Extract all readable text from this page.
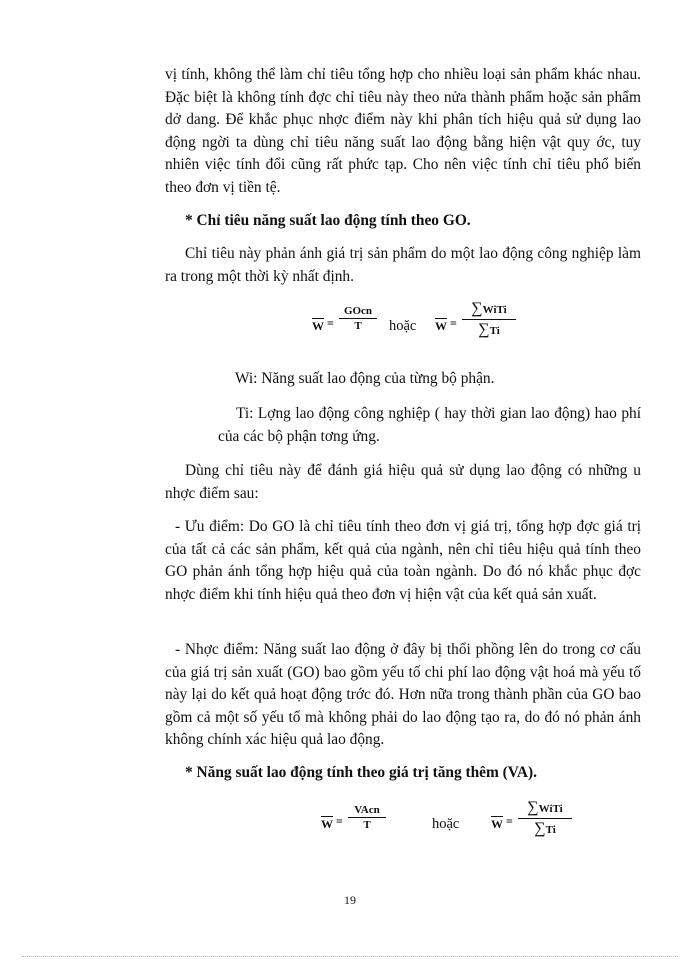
vị tính, không thể làm chỉ tiêu tổng hợp cho nhiều loại sản phẩm khác nhau. Đặc biệt là không tính đợc chỉ tiêu này theo nửa thành phẩm hoặc sản phẩm dở dang. Để khắc phục nhợc điểm này khi phân tích hiệu quả sử dụng lao động ngời ta dùng chỉ tiêu năng suất lao động bằng hiện vật quy ớc, tuy nhiên việc tính đổi cũng rất phức tạp. Cho nên việc tính chỉ tiêu phổ biến theo đơn vị tiền tệ.

* Chỉ tiêu năng suất lao động tính theo GO.

Chỉ tiêu này phản ánh giá trị sản phẩm do một lao động công nghiệp làm ra trong một thời kỳ nhất định.

W =
GOcn
T	hoặc W =
∑WiTi
∑Ti

Wi: Năng suất lao động của từng bộ phận.

Ti: Lợng lao động công nghiệp ( hay thời gian lao động) hao phí của các bộ phận tơng ứng.

Dùng chỉ tiêu này để đánh giá hiệu quả sử dụng lao động có những u nhợc điểm sau:

- Ưu điểm: Do GO là chỉ tiêu tính theo đơn vị giá trị, tổng hợp đợc giá trị của tất cả các sản phẩm, kết quả của ngành, nên chỉ tiêu hiệu quả tính theo GO phản ánh tổng hợp hiệu quả của toàn ngành. Do đó nó khắc phục đợc nhợc điểm khi tính hiệu quả theo đơn vị hiện vật của kết quả sản xuất.

- Nhợc điểm: Năng suất lao động ở đây bị thổi phồng lên do trong cơ cấu của giá trị sản xuất (GO) bao gồm yếu tố chi phí lao động vật hoá mà yếu tố này lại do kết quả hoạt động trớc đó. Hơn nữa trong thành phần của GO bao gồm cả một số yếu tố mà không phải do lao động tạo ra, do đó nó phản ánh không chính xác hiệu quả lao động.

* Năng suất lao động tính theo giá trị tăng thêm (VA).

W =
VAcn
T	hoặc	W =
∑WiTi
∑Ti
19
